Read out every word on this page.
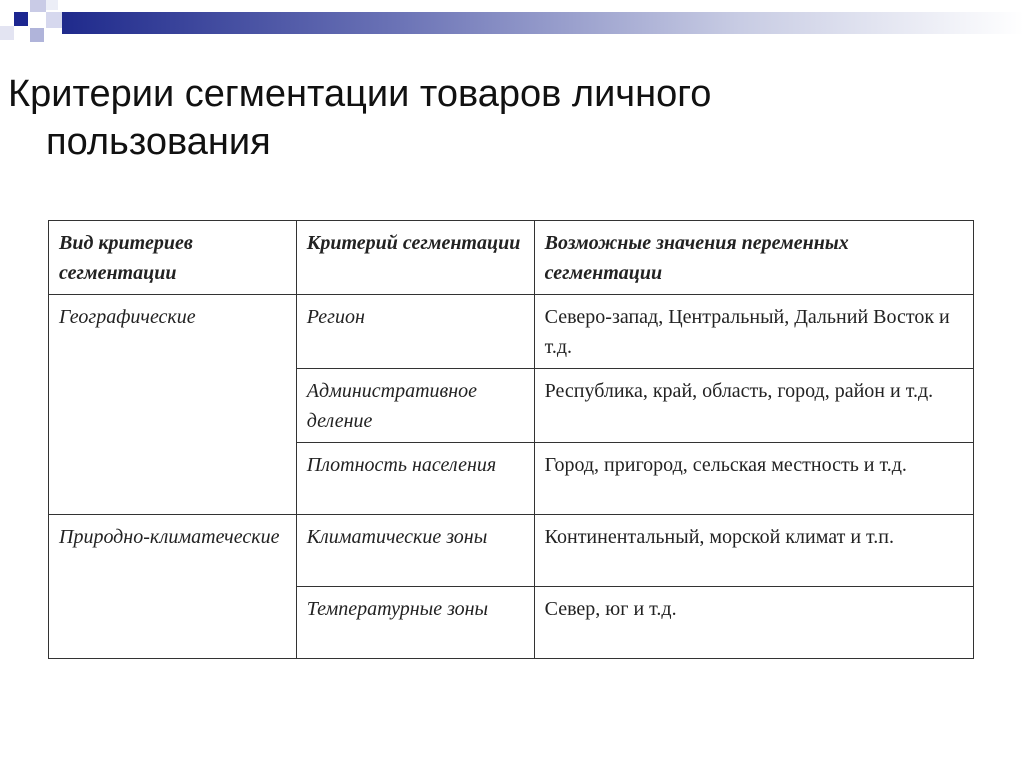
Критерии сегментации товаров личного
пользования
Вид критериев сегментации	Критерий сегментации	Возможные значения переменных сегментации
Географические	Регион	Северо-запад, Центральный, Дальний Восток и т.д.
	Административное деление	Республика, край, область, город, район и т.д.
	Плотность населения	Город, пригород, сельская местность и т.д.
Природно-климатеческие	Климатические зоны	Континентальный, морской климат и т.п.
	Температурные зоны	Север, юг и т.д.
